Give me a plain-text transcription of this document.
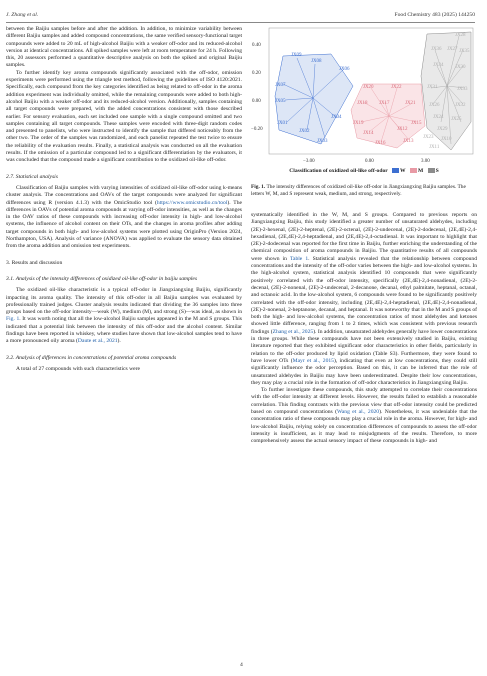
J. Zhang et al.	Food Chemistry 483 (2025) 144250

between the Baijiu samples before and after the addition. In addition, to minimize variability between different Baijiu samples and added compound concentrations, the same verified sensory-functional target compounds were added to 20 mL of high-alcohol Baijiu with a weaker off-odor and its reduced-alcohol version at identical concentrations. All spiked samples were left at room temperature for 24 h. Following this, 20 assessors performed a quantitative descriptive analysis on both the spiked and original Baijiu samples.

To further identify key aroma compounds significantly associated with the off-odor, omission experiments were performed using the triangle test method, following the guidelines of ISO 4120:2021. Specifically, each compound from the key categories identified as being related to off-odor in the aroma addition experiment was individually omitted, while the remaining compounds were added to both high-alcohol Baijiu with a weaker off-odor and its reduced-alcohol version. Additionally, samples containing all target compounds were prepared, with the added concentrations consistent with those described earlier. For sensory evaluation, each set included one sample with a single compound omitted and two samples containing all target compounds. These samples were encoded with three-digit random codes and presented to panelists, who were instructed to identify the sample that differed noticeably from the other two. The order of the samples was randomized, and each panelist repeated the test twice to ensure the reliability of the evaluation results. Finally, a statistical analysis was conducted on all the evaluation results. If the omission of a particular compound led to a significant differentiation by the evaluators, it was concluded that the compound made a significant contribution to the oxidized oil-like off-odor.

2.7. Statistical analysis

Classification of Baijiu samples with varying intensities of oxidized oil-like off-odor using k-means cluster analysis. The concentrations and OAVs of the target compounds were analyzed for significant differences using R (version 4.1.3) with the OmicStudio tool (https://www.omicstudio.cn/tool). The differences in OAVs of potential aroma compounds at varying off-odor intensities, as well as the changes in the OAV ratios of these compounds with increasing off-odor intensity in high- and low-alcohol systems, the influence of alcohol content on their OTs, and the changes in aroma profiles after adding target compounds in both high- and low-alcohol systems were plotted using OriginPro (Version 2024, Northampton, USA). Analysis of variance (ANOVA) was applied to evaluate the sensory data obtained from the aroma addition and omission test experiments.

3. Results and discussion
3.1. Analysis of the intensity differences of oxidized oil-like off-odor in baijiu samples

The oxidized oil-like characteristic is a typical off-odor in Jiangxiangxing Baijiu, significantly impacting its aroma quality. The intensity of this off-odor in all Baijiu samples was evaluated by professionally trained judges. Cluster analysis results indicated that dividing the 36 samples into three groups based on the off-odor intensity—weak (W), medium (M), and strong (S)—was ideal, as shown in Fig. 1. It was worth noting that all the low-alcohol Baijiu samples appeared in the M and S groups. This indicated that a potential link between the intensity of this off-odor and the alcohol content. Similar findings have been reported in whiskey, where studies have shown that low-alcohol samples tend to have a more pronounced oily aroma (Daute et al., 2021).

3.2. Analysis of differences in concentrations of potential aroma compounds

A total of 27 compounds with such characteristics were

0.40
0.20
0.00
−0.20
−3.00	0.00	3.00
JX09
JX08
JX06
JX07
JX05
JX01
JX02
JX03
JX04
JX20	JX22
JX18 JX17	JX21
JX19
JX14
JX12
JX15
JX16	JX13
JX28
JX36 JX27 JX35
JX34 JX30
JX31	JX33
JX26	JX32
JX24 JX25
JX29
JX23 JX10
JX11
Classification of oxidized oil-like off-odor W M S
Fig. 1. The intensity differences of oxidized oil-like off-odor in Jiangxiangxing Baijiu samples. The letters W, M, and S represent weak, medium, and strong, respectively.

systematically identified in the W, M, and S groups. Compared to previous reports on Jiangxiangxing Baijiu, this study identified a greater number of unsaturated aldehydes, including (2E)-2-hexenal, (2E)-2-heptenal, (2E)-2-octenal, (2E)-2-undecenal, (2E)-2-dodecenal, (2E,4E)-2,4-hexadienal, (2E,4E)-2,4-heptadienal, and (2E,4E)-2,4-octadienal. It was important to highlight that (2E)-2-dodecenal was reported for the first time in Baijiu, further enriching the understanding of the chemical composition of aroma compounds in Baijiu. The quantitative results of all compounds were shown in Table 1. Statistical analysis revealed that the relationship between compound concentrations and the intensity of the off-odor varies between the high- and low-alcohol systems. In the high-alcohol system, statistical analysis identified 10 compounds that were significantly positively correlated with the off-odor intensity, specifically (2E,4E)-2,4-nonadienal, (2E)-2-decenal, (2E)-2-nonenal, (2E)-2-undecenal, 2-decanone, decanal, ethyl palmitate, heptanal, octanal, and octanoic acid. In the low-alcohol system, 6 compounds were found to be significantly positively correlated with the off-odor intensity, including (2E,4E)-2,4-heptadienal, (2E,4E)-2,4-nonadienal, (2E)-2-nonenal, 2-heptanone, decanal, and heptanal. It was noteworthy that in the M and S groups of both the high- and low-alcohol systems, the concentration ratios of most aldehydes and ketones showed little difference, ranging from 1 to 2 times, which was consistent with previous research findings (Zhang et al., 2025). In addition, unsaturated aldehydes generally have lower concentrations in three groups. While these compounds have not been extensively studied in Baijiu, existing literature reported that they exhibited significant odor characteristics in other fields, particularly in relation to the off-odor produced by lipid oxidation (Table S3). Furthermore, they were found to have lower OTs (Mayr et al., 2015), indicating that even at low concentrations, they could still significantly influence the odor perception. Based on this, it can be inferred that the role of unsaturated aldehydes in Baijiu may have been underestimated. Despite their low concentrations, they may play a crucial role in the formation of off-odor characteristics in Jiangxiangxing Baijiu.

To further investigate these compounds, this study attempted to correlate their concentrations with the off-odor intensity at different levels. However, the results failed to establish a reasonable correlation. This finding contrasts with the previous view that off-odor intensity could be predicted based on compound concentrations (Wang et al., 2020). Nonetheless, it was undeniable that the concentration ratio of these compounds may play a crucial role in the aroma. However, for high- and low-alcohol Baijiu, relying solely on concentration differences of compounds to assess the off-odor intensity is insufficient, as it may lead to misjudgments of the results. Therefore, to more comprehensively assess the actual sensory impact of these compounds in high- and

4
